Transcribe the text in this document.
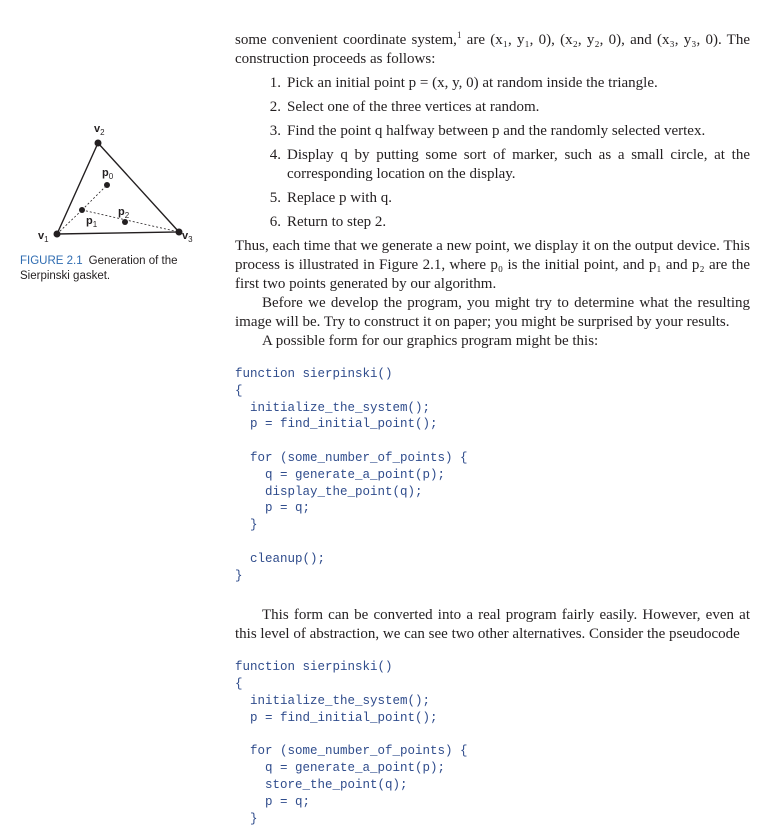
$v_2$
$v_1$	$v_3$
$p_0$
$p_1$
$p_2$
FIGURE 2.1 Generation of the Sierpinski gasket.

some convenient coordinate system,$^1$ are (x₁, y₁, 0), (x₂, y₂, 0), and (x₃, y₃, 0). The construction proceeds as follows:

1. Pick an initial point p = (x, y, 0) at random inside the triangle.
2. Select one of the three vertices at random.
3. Find the point q halfway between p and the randomly selected vertex.
4. Display q by putting some sort of marker, such as a small circle, at the corresponding location on the display.
5. Replace p with q.
6. Return to step 2.

Thus, each time that we generate a new point, we display it on the output device. This process is illustrated in Figure 2.1, where p₀ is the initial point, and p₁ and p₂ are the first two points generated by our algorithm.

Before we develop the program, you might try to determine what the resulting image will be. Try to construct it on paper; you might be surprised by your results.

A possible form for our graphics program might be this:

function sierpinski()
{
initialize_the_system();
p = find_initial_point();

for (some_number_of_points) {
q = generate_a_point(p);
display_the_point(q);
p = q;
}

cleanup();
}

This form can be converted into a real program fairly easily. However, even at this level of abstraction, we can see two other alternatives. Consider the pseudocode

function sierpinski()
{
initialize_the_system();
p = find_initial_point();

for (some_number_of_points) {
q = generate_a_point(p);
store_the_point(q);
p = q;
}
